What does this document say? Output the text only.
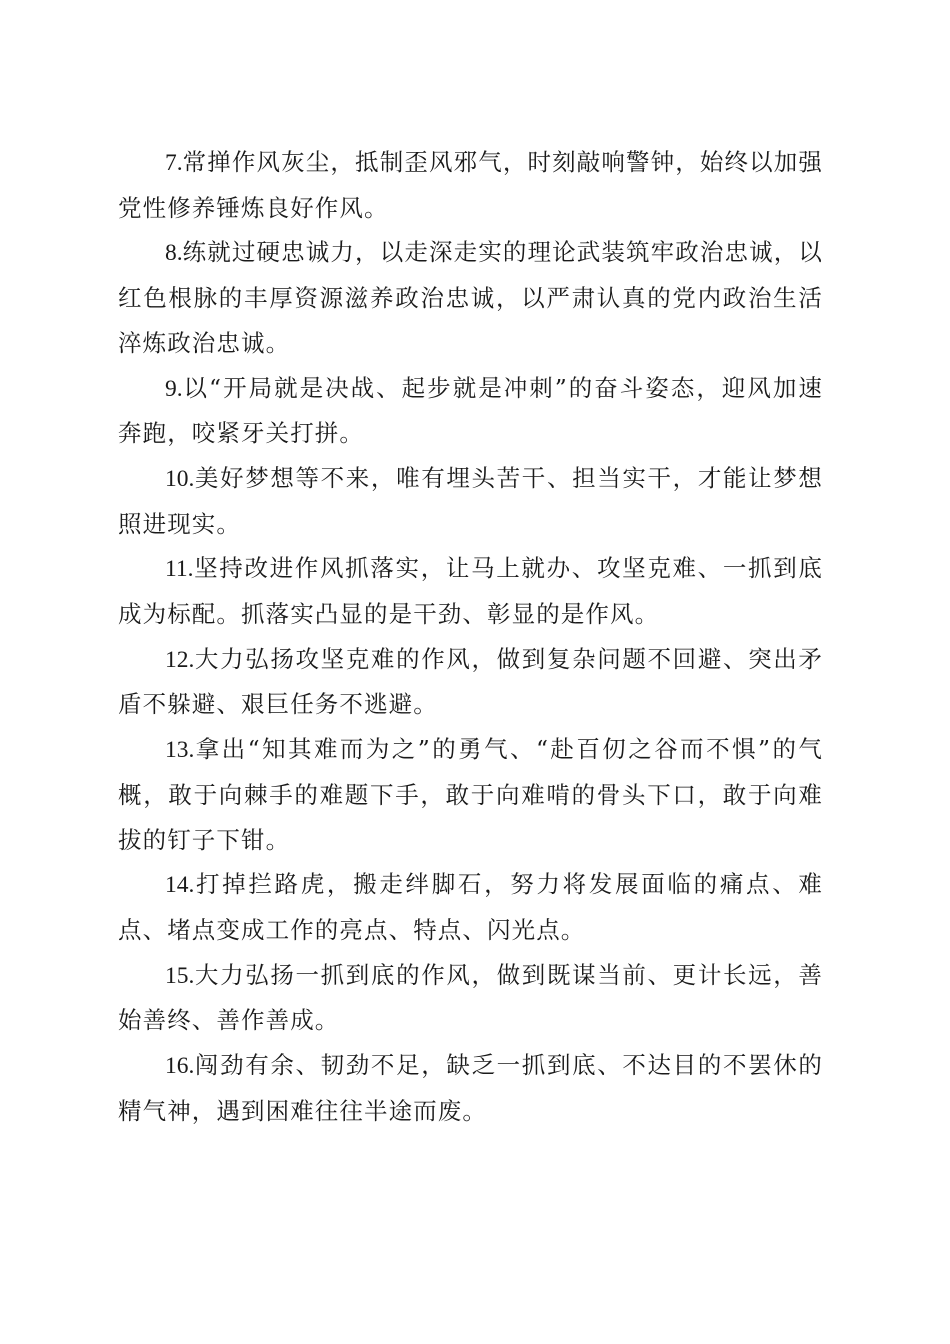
7.常掸作风灰尘，抵制歪风邪气，时刻敲响警钟，始终以加强党性修养锤炼良好作风。

8.练就过硬忠诚力，以走深走实的理论武装筑牢政治忠诚，以红色根脉的丰厚资源滋养政治忠诚，以严肃认真的党内政治生活淬炼政治忠诚。

9.以“开局就是决战、起步就是冲刺”的奋斗姿态，迎风加速奔跑，咬紧牙关打拼。

10.美好梦想等不来，唯有埋头苦干、担当实干，才能让梦想照进现实。

11.坚持改进作风抓落实，让马上就办、攻坚克难、一抓到底成为标配。抓落实凸显的是干劲、彰显的是作风。

12.大力弘扬攻坚克难的作风，做到复杂问题不回避、突出矛盾不躲避、艰巨任务不逃避。

13.拿出“知其难而为之”的勇气、“赴百仞之谷而不惧”的气概，敢于向棘手的难题下手，敢于向难啃的骨头下口，敢于向难拔的钉子下钳。

14.打掉拦路虎，搬走绊脚石，努力将发展面临的痛点、难点、堵点变成工作的亮点、特点、闪光点。

15.大力弘扬一抓到底的作风，做到既谋当前、更计长远，善始善终、善作善成。

16.闯劲有余、韧劲不足，缺乏一抓到底、不达目的不罢休的精气神，遇到困难往往半途而废。
